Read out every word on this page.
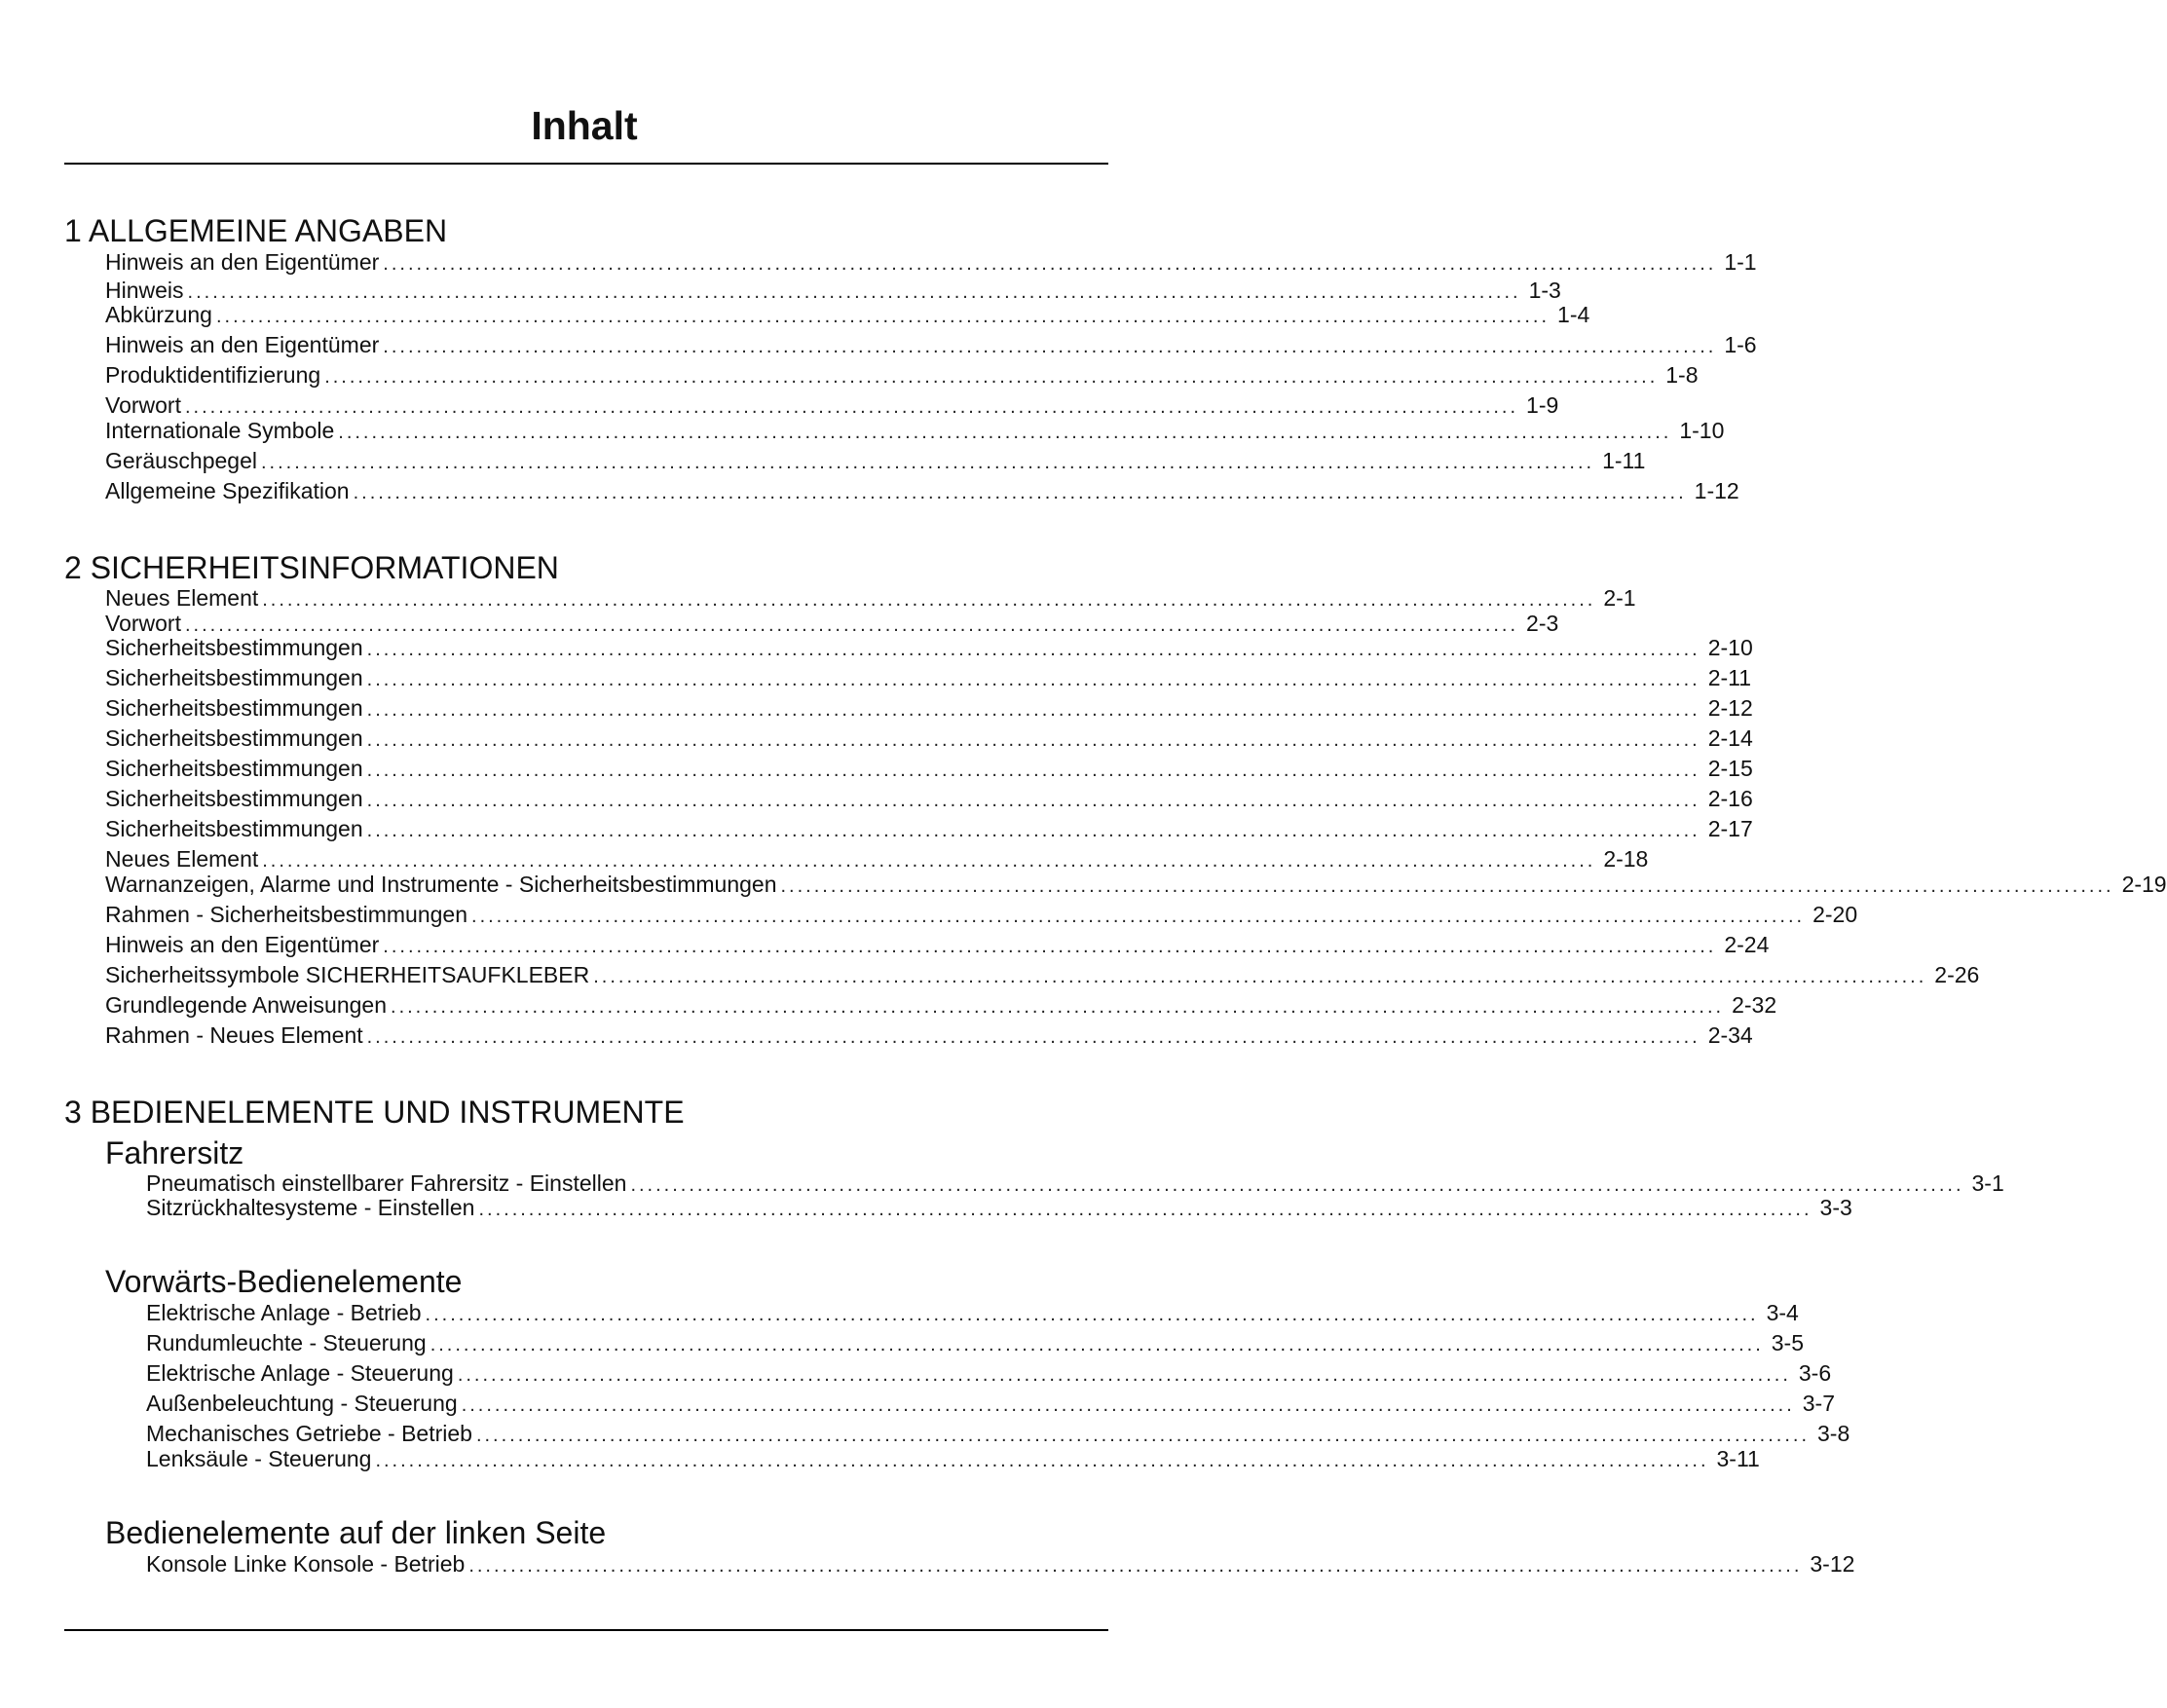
Inhalt
1 ALLGEMEINE ANGABEN
Hinweis an den Eigentümer ................................................................................................................................................................ 1-1
Hinweis ................................................................................................................................................................ 1-3
Abkürzung ................................................................................................................................................................ 1-4
Hinweis an den Eigentümer ................................................................................................................................................................ 1-6
Produktidentifizierung ................................................................................................................................................................ 1-8
Vorwort ................................................................................................................................................................ 1-9
Internationale Symbole ................................................................................................................................................................ 1-10
Geräuschpegel ................................................................................................................................................................ 1-11
Allgemeine Spezifikation ................................................................................................................................................................ 1-12
2 SICHERHEITSINFORMATIONEN
Neues Element ................................................................................................................................................................ 2-1
Vorwort ................................................................................................................................................................ 2-3
Sicherheitsbestimmungen ................................................................................................................................................................ 2-10
Sicherheitsbestimmungen ................................................................................................................................................................ 2-11
Sicherheitsbestimmungen ................................................................................................................................................................ 2-12
Sicherheitsbestimmungen ................................................................................................................................................................ 2-14
Sicherheitsbestimmungen ................................................................................................................................................................ 2-15
Sicherheitsbestimmungen ................................................................................................................................................................ 2-16
Sicherheitsbestimmungen ................................................................................................................................................................ 2-17
Neues Element ................................................................................................................................................................ 2-18
Warnanzeigen, Alarme und Instrumente - Sicherheitsbestimmungen ................................................................................................................................................................ 2-19
Rahmen - Sicherheitsbestimmungen ................................................................................................................................................................ 2-20
Hinweis an den Eigentümer ................................................................................................................................................................ 2-24
Sicherheitssymbole SICHERHEITSAUFKLEBER ................................................................................................................................................................ 2-26
Grundlegende Anweisungen ................................................................................................................................................................ 2-32
Rahmen - Neues Element ................................................................................................................................................................ 2-34
3 BEDIENELEMENTE UND INSTRUMENTE
Fahrersitz
Pneumatisch einstellbarer Fahrersitz - Einstellen ................................................................................................................................................................ 3-1
Sitzrückhaltesysteme - Einstellen ................................................................................................................................................................ 3-3
Vorwärts-Bedienelemente
Elektrische Anlage - Betrieb ................................................................................................................................................................ 3-4
Rundumleuchte - Steuerung ................................................................................................................................................................ 3-5
Elektrische Anlage - Steuerung ................................................................................................................................................................ 3-6
Außenbeleuchtung - Steuerung ................................................................................................................................................................ 3-7
Mechanisches Getriebe - Betrieb ................................................................................................................................................................ 3-8
Lenksäule - Steuerung ................................................................................................................................................................ 3-11
Bedienelemente auf der linken Seite
Konsole Linke Konsole - Betrieb ................................................................................................................................................................ 3-12
